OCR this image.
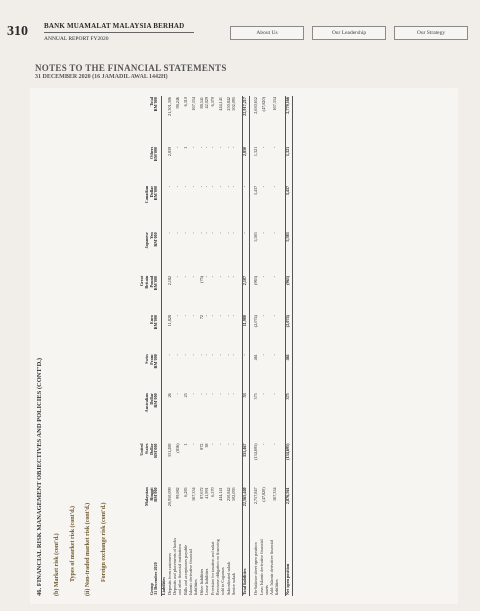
310 BANK MUAMALAT MALAYSIA BERHAD
ANNUAL REPORT FY2020
About Us	Our Leadership	Our Strategy
NOTES TO THE FINANCIAL STATEMENTS
31 DECEMBER 2020 (16 JAMADIL AWAL 1442H)
46. FINANCIAL RISK MANAGEMENT OBJECTIVES AND POLICIES (CONT'D.) (b) Market risk (cont'd.) Types of market risk (cont'd.) (ii) Non-traded market risk (cont'd.) Foreign exchange risk (cont'd.)
Group
31 December 2020	Malaysian
Ringgit
RM'000	United
States
Dollar
RM'000	Australian
Dollar
RM'000	Swiss
Franc
RM'000	Euro
RM'000	Great
Britain
Pound
RM'000	Japanese
Yen
RM'000	Canadian
Dollar
RM'000	Others
RM'000	Total
RM'000
Liabilities										
Deposits from customers	20,950,099	331,289	26	-	11,828	2,182	-	-	2,839	21,301,306
Deposits and placements of banks and other financial institutions	99,082	(836)	-	-	-	-	-	-	-	98,246
Bills and acceptances payable	6,283	1	25	-	-	-	-	-	1	6,310
Islamic derivative financial liabilities	167,334	-	-	-	-	-	-	-	-	167,334
Other liabilities	87,672	872	-	-	72	(75)	-	-	-	88,541
Lease liabilities	41,991	38	-	-	-	-	-	-	-	42,029
Provision for taxation and zakat	6,370	-	-	-	-	-	-	-	-	6,370
Recourse obligation on financing sold to Cagamas	444,141	-	-	-	-	-	-	-	-	444,141
Subordinated sukuk	250,842	-	-	-	-	-	-	-	-	250,842
Senior sukuk	502,095	-	-	-	-	-	-	-	-	502,095

Total liabilities	22,565,440	331,467	53	-	11,900	2,107	-	-	2,850	22,917,217

On-balance sheet open position	2,757,847	(134,695)	375	461	(2,074)	(963)	5,583	3,437	1,321	2,630,652
Less: Islamic derivative financial assets	(47,820)	-	-	-	-	-	-	-	-	(47,820)
Add: Islamic derivative financial liabilities	167,334	-	-	-	-	-	-	-	-	167,334

Net open position	2,876,561	(134,695)	375	461	(2,074)	(963)	5,583	3,437	1,321	2,779,166
